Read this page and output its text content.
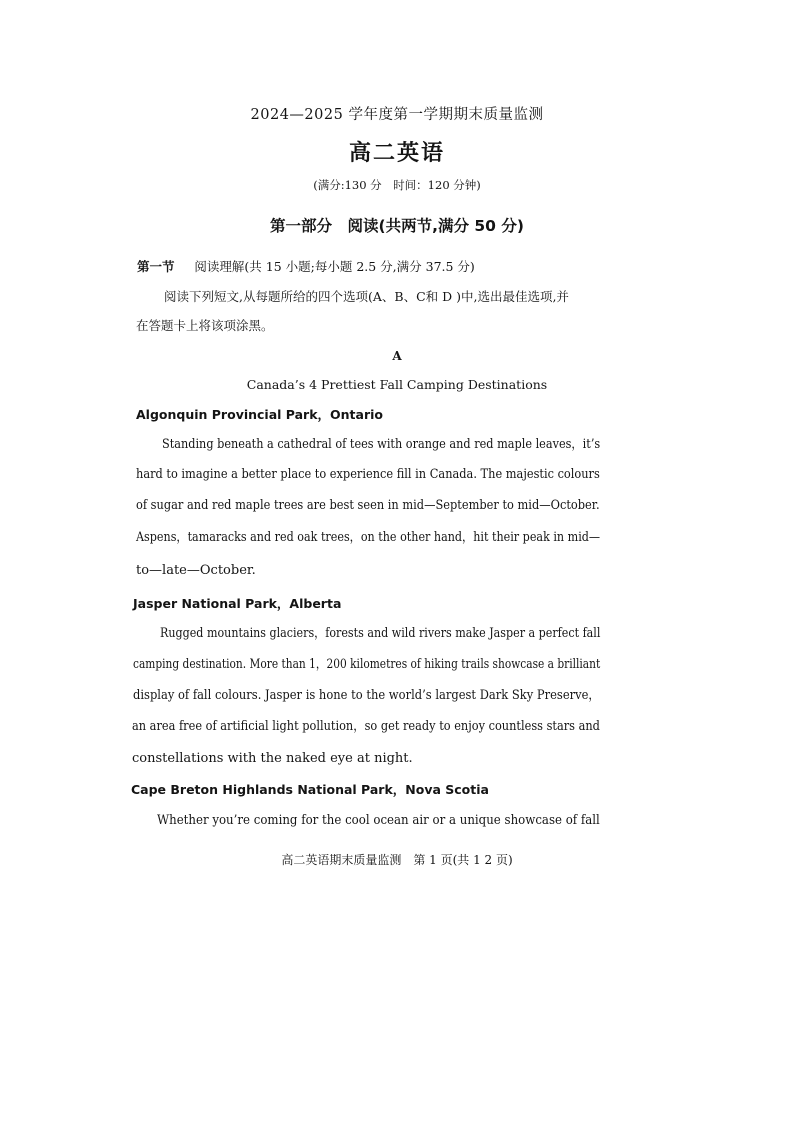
2024—2025 学年度第一学期期末质量监测
高二英语
(满分:130 分　时间：120 分钟)
第一部分　阅读(共两节,满分 50 分)
第一节 阅读理解(共 15 小题;每小题 2.5 分,满分 37.5 分)
阅读下列短文,从每题所给的四个选项(A、B、C和 D )中,选出最佳选项,并
在答题卡上将该项涂黑。
A
Canada’s 4 Prettiest Fall Camping Destinations
Algonquin Provincial Park，Ontario
Standing beneath a cathedral of tees with orange and red maple leaves，it’s
hard to imagine a better place to experience fill in Canada. The majestic colours
of sugar and red maple trees are best seen in mid—September to mid—October.
Aspens，tamaracks and red oak trees，on the other hand，hit their peak in mid—
to—late—October.
Jasper National Park，Alberta
Rugged mountains glaciers，forests and wild rivers make Jasper a perfect fall
camping destination. More than 1，200 kilometres of hiking trails showcase a brilliant
display of fall colours. Jasper is hone to the world’s largest Dark Sky Preserve，
an area free of artificial light pollution，so get ready to enjoy countless stars and
constellations with the naked eye at night.
Cape Breton Highlands National Park，Nova Scotia
Whether you’re coming for the cool ocean air or a unique showcase of fall
高二英语期末质量监测　第 1 页(共 1 2 页)
